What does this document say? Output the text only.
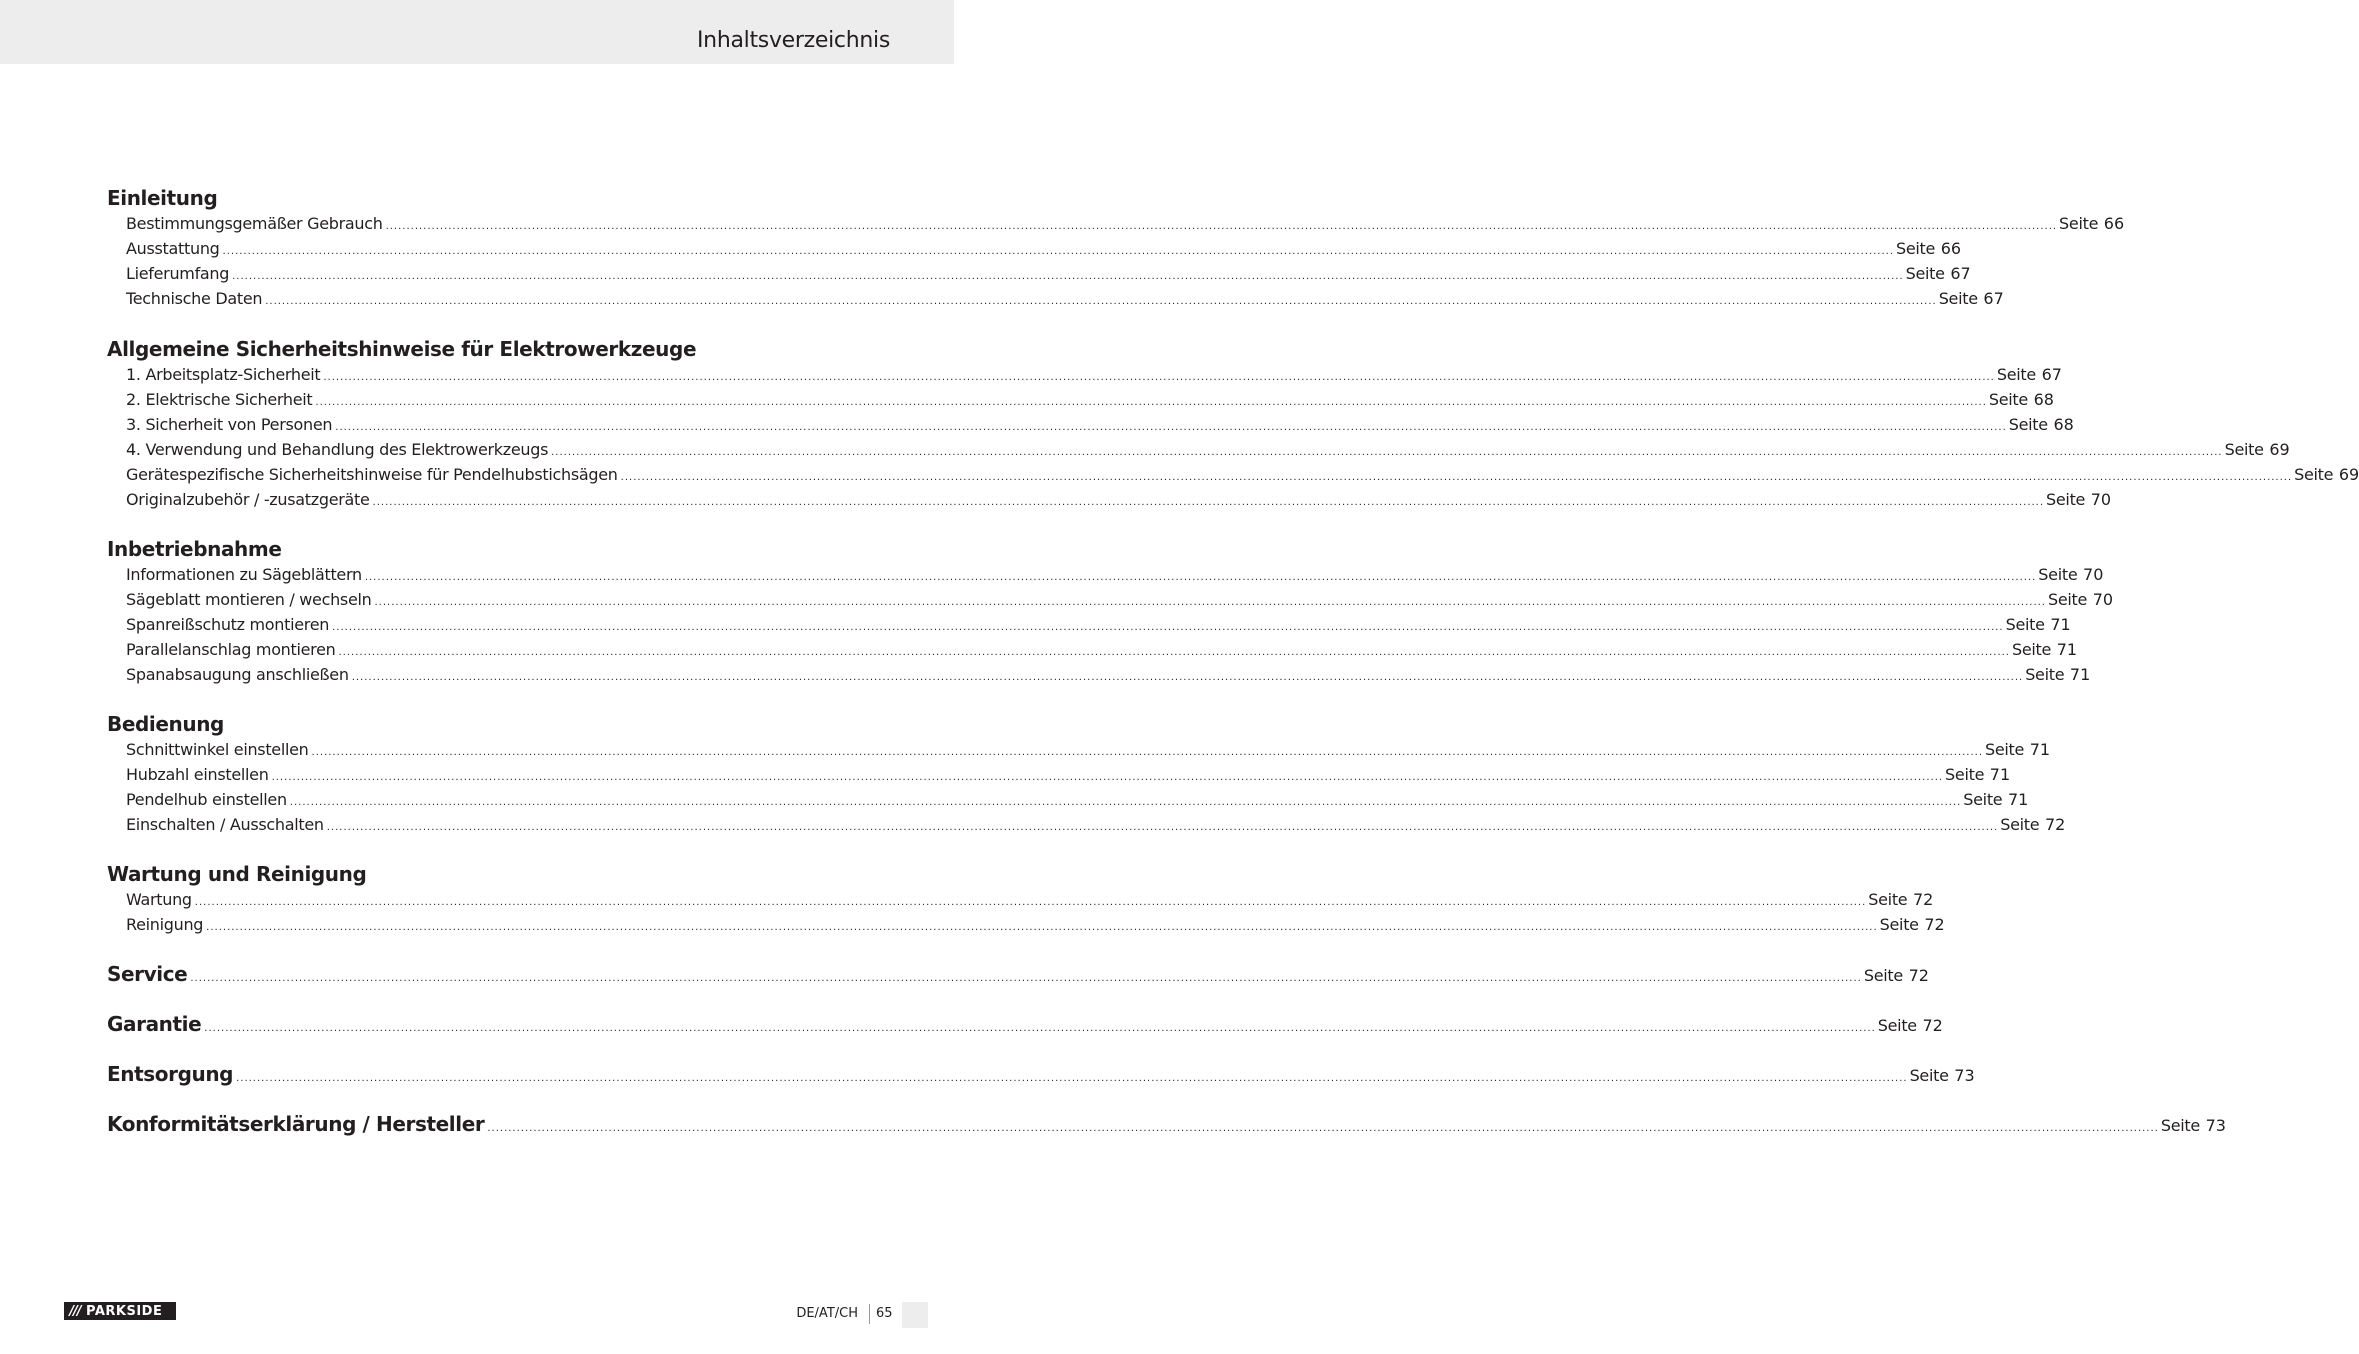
Inhaltsverzeichnis
Einleitung
Bestimmungsgemäßer Gebrauch ................................................................................................................................................................................................................................................................................................................................................................................................................ Seite 66
Ausstattung ................................................................................................................................................................................................................................................................................................................................................................................................................ Seite 66
Lieferumfang ................................................................................................................................................................................................................................................................................................................................................................................................................ Seite 67
Technische Daten ................................................................................................................................................................................................................................................................................................................................................................................................................ Seite 67
Allgemeine Sicherheitshinweise für Elektrowerkzeuge
1. Arbeitsplatz-Sicherheit ................................................................................................................................................................................................................................................................................................................................................................................................................ Seite 67
2. Elektrische Sicherheit ................................................................................................................................................................................................................................................................................................................................................................................................................ Seite 68
3. Sicherheit von Personen ................................................................................................................................................................................................................................................................................................................................................................................................................ Seite 68
4. Verwendung und Behandlung des Elektrowerkzeugs ................................................................................................................................................................................................................................................................................................................................................................................................................ Seite 69
Gerätespezifische Sicherheitshinweise für Pendelhubstichsägen ................................................................................................................................................................................................................................................................................................................................................................................................................ Seite 69
Originalzubehör / -zusatzgeräte ................................................................................................................................................................................................................................................................................................................................................................................................................ Seite 70
Inbetriebnahme
Informationen zu Sägeblättern ................................................................................................................................................................................................................................................................................................................................................................................................................ Seite 70
Sägeblatt montieren / wechseln ................................................................................................................................................................................................................................................................................................................................................................................................................ Seite 70
Spanreißschutz montieren ................................................................................................................................................................................................................................................................................................................................................................................................................ Seite 71
Parallelanschlag montieren ................................................................................................................................................................................................................................................................................................................................................................................................................ Seite 71
Spanabsaugung anschließen ................................................................................................................................................................................................................................................................................................................................................................................................................ Seite 71
Bedienung
Schnittwinkel einstellen ................................................................................................................................................................................................................................................................................................................................................................................................................ Seite 71
Hubzahl einstellen ................................................................................................................................................................................................................................................................................................................................................................................................................ Seite 71
Pendelhub einstellen ................................................................................................................................................................................................................................................................................................................................................................................................................ Seite 71
Einschalten / Ausschalten ................................................................................................................................................................................................................................................................................................................................................................................................................ Seite 72
Wartung und Reinigung
Wartung ................................................................................................................................................................................................................................................................................................................................................................................................................ Seite 72
Reinigung ................................................................................................................................................................................................................................................................................................................................................................................................................ Seite 72
Service ................................................................................................................................................................................................................................................................................................................................................................................................................ Seite 72
Garantie ................................................................................................................................................................................................................................................................................................................................................................................................................ Seite 72
Entsorgung ................................................................................................................................................................................................................................................................................................................................................................................................................ Seite 73
Konformitätserklärung / Hersteller ................................................................................................................................................................................................................................................................................................................................................................................................................ Seite 73
/// PARKSIDE	DE/AT/CH 65
